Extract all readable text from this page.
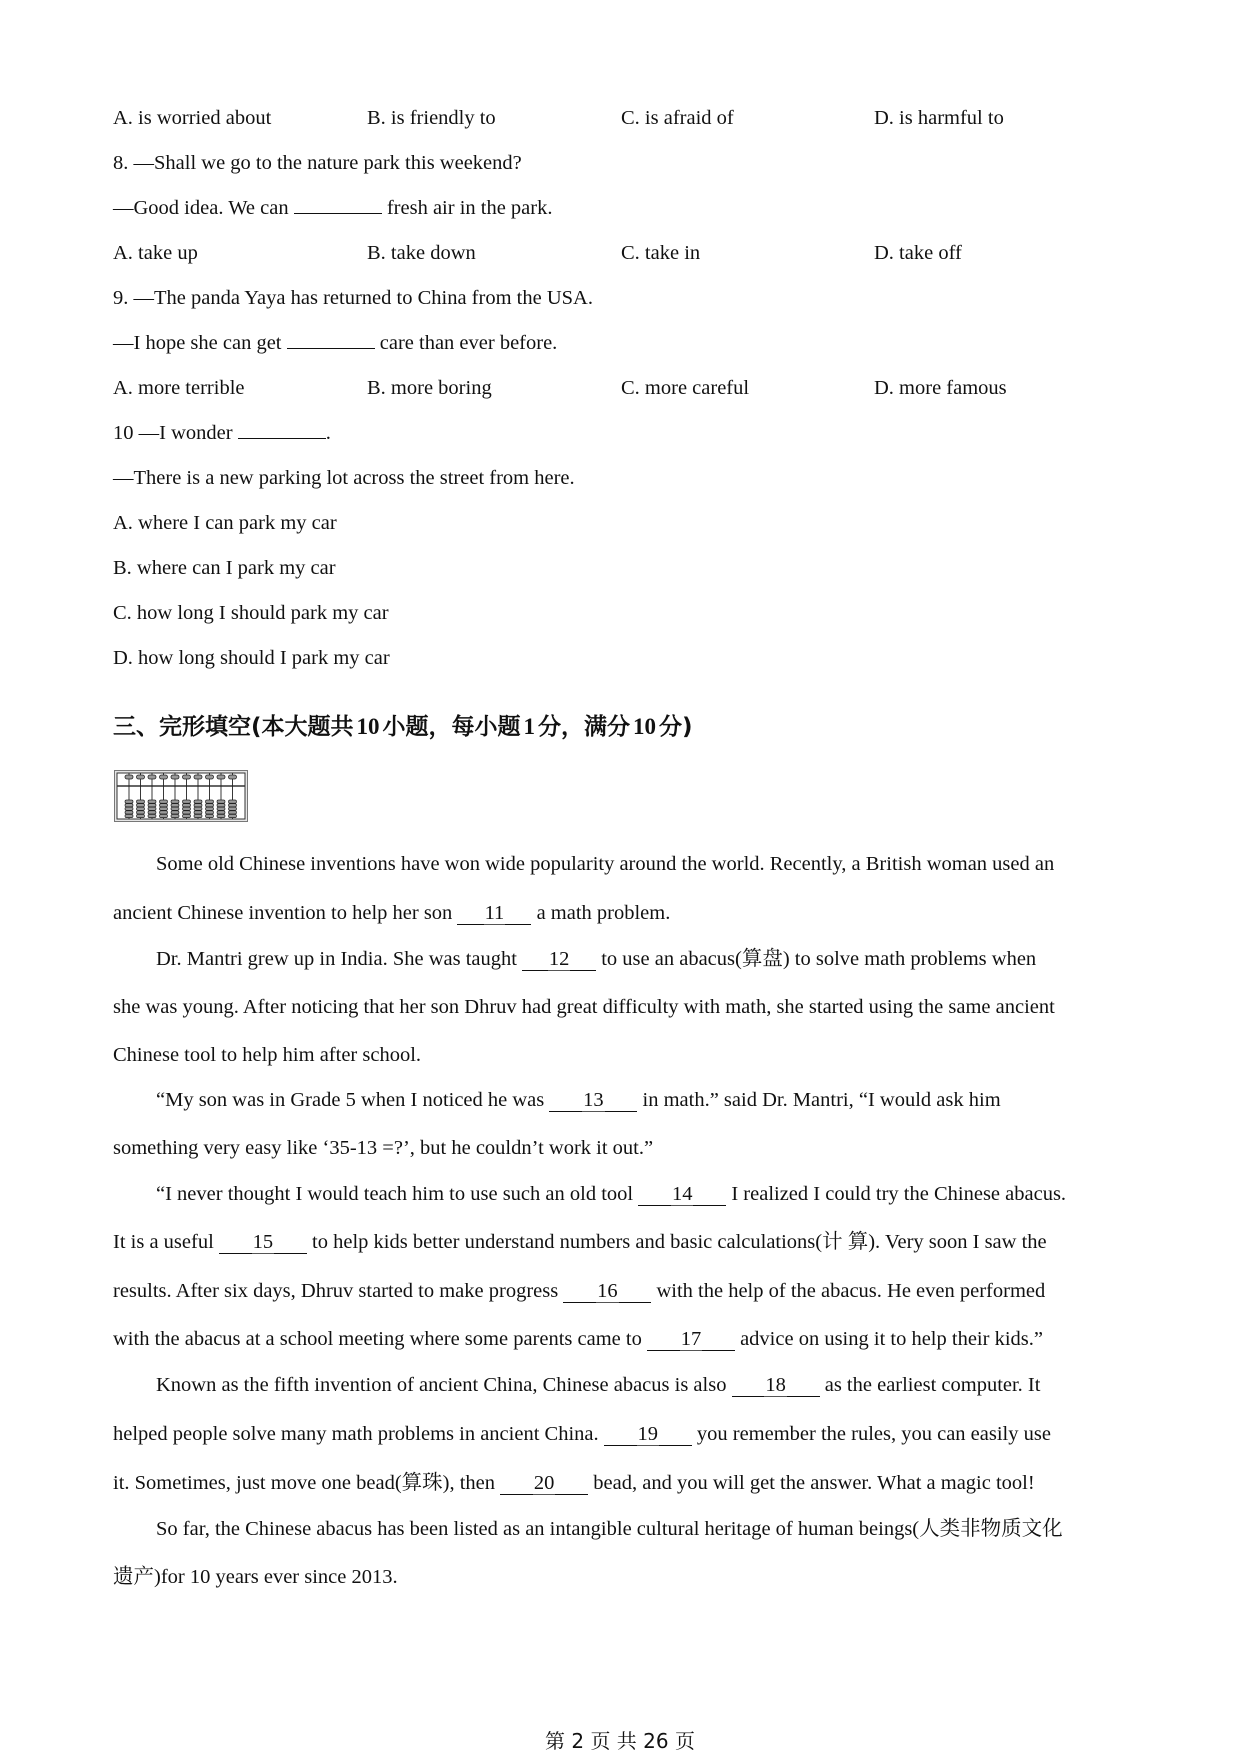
A. is worried about	B. is friendly to	C. is afraid of	D. is harmful to
8. —Shall we go to the nature park this weekend?
—Good idea. We can	fresh air in the park.
A. take up	B. take down	C. take in	D. take off
9. —The panda Yaya has returned to China from the USA.
—I hope she can get	care than ever before.
A. more terrible	B. more boring	C. more careful	D. more famous
10 —I wonder	.
—There is a new parking lot across the street from here.
A. where I can park my car
B. where can I park my car
C. how long I should park my car
D. how long should I park my car
三、完形填空(本大题共 10 小题，每小题 1 分，满分 10 分)
Some old Chinese inventions have won wide popularity around the world. Recently, a British woman used an
ancient Chinese invention to help her son 11 a math problem.
Dr. Mantri grew up in India. She was taught 12 to use an abacus(算盘) to solve math problems when
she was young. After noticing that her son Dhruv had great difficulty with math, she started using the same ancient
Chinese tool to help him after school.
“My son was in Grade 5 when I noticed he was 13 in math.” said Dr. Mantri, “I would ask him
something very easy like ‘35-13 =?’, but he couldn’t work it out.”
“I never thought I would teach him to use such an old tool 14 I realized I could try the Chinese abacus.
It is a useful 15 to help kids better understand numbers and basic calculations(计 算). Very soon I saw the
results. After six days, Dhruv started to make progress 16 with the help of the abacus. He even performed
with the abacus at a school meeting where some parents came to 17 advice on using it to help their kids.”
Known as the fifth invention of ancient China, Chinese abacus is also 18 as the earliest computer. It
helped people solve many math problems in ancient China. 19 you remember the rules, you can easily use
it. Sometimes, just move one bead(算珠), then 20 bead, and you will get the answer. What a magic tool!
So far, the Chinese abacus has been listed as an intangible cultural heritage of human beings(人类非物质文化
遗产)for 10 years ever since 2013.
第 2 页 共 26 页
